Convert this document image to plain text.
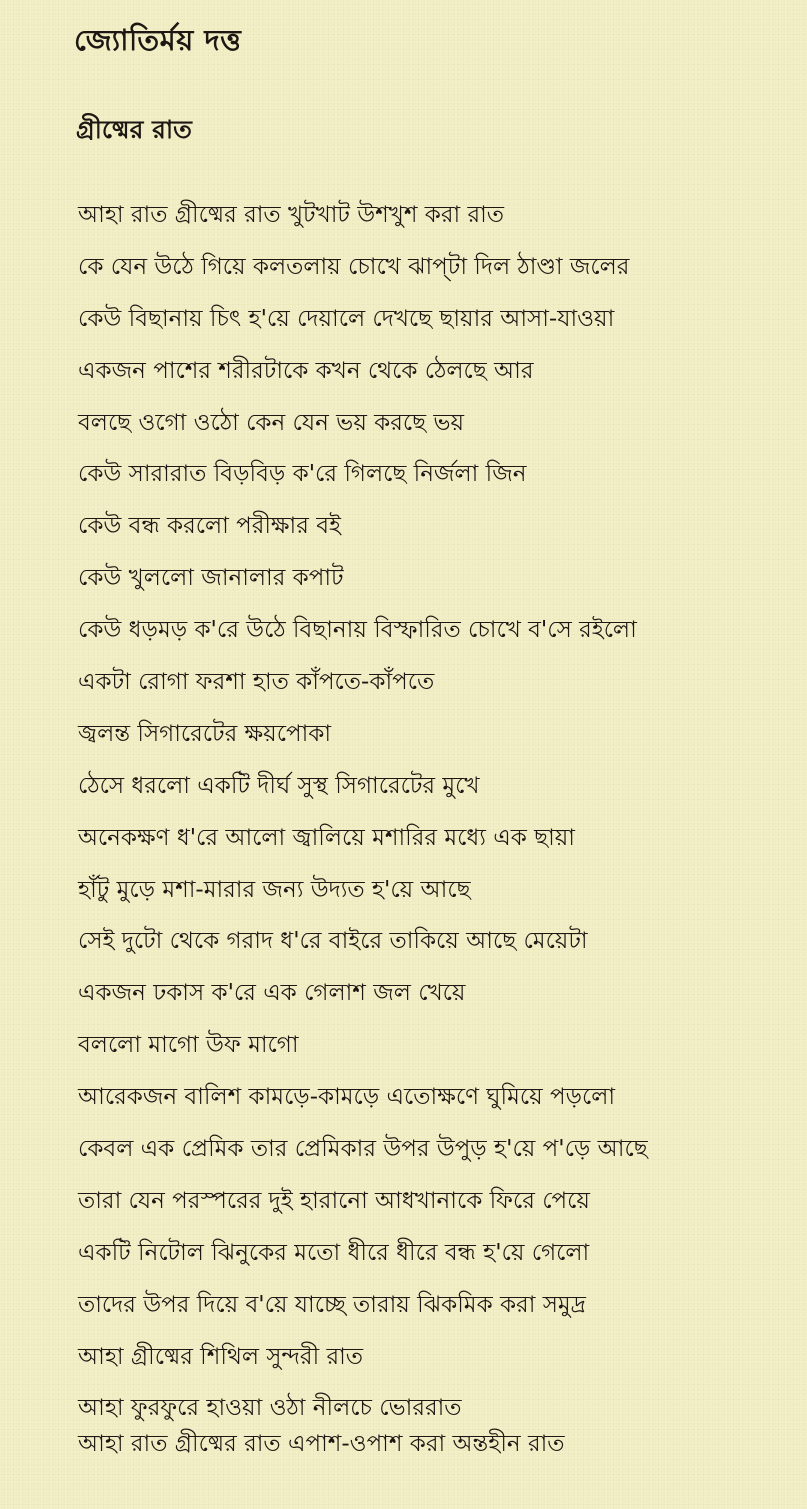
জ্যোতির্ময় দত্ত
গ্রীষ্মের রাত
আহা রাত গ্রীষ্মের রাত খুটখাট উশখুশ করা রাত
কে যেন উঠে গিয়ে কলতলায় চোখে ঝাপ্‌টা দিল ঠাণ্ডা জলের
কেউ বিছানায় চিৎ হ'য়ে দেয়ালে দেখছে ছায়ার আসা-যাওয়া
একজন পাশের শরীরটাকে কখন থেকে ঠেলছে আর
বলছে ওগো ওঠো কেন যেন ভয় করছে ভয়
কেউ সারারাত বিড়বিড় ক'রে গিলছে নির্জলা জিন
কেউ বন্ধ করলো পরীক্ষার বই
কেউ খুললো জানালার কপাট
কেউ ধড়মড় ক'রে উঠে বিছানায় বিস্ফারিত চোখে ব'সে রইলো
একটা রোগা ফরশা হাত কাঁপতে-কাঁপতে
জ্বলন্ত সিগারেটের ক্ষয়পোকা
ঠেসে ধরলো একটি দীর্ঘ সুস্থ সিগারেটের মুখে
অনেকক্ষণ ধ'রে আলো জ্বালিয়ে মশারির মধ্যে এক ছায়া
হাঁটু মুড়ে মশা-মারার জন্য উদ্যত হ'য়ে আছে
সেই দুটো থেকে গরাদ ধ'রে বাইরে তাকিয়ে আছে মেয়েটা
একজন ঢকাস ক'রে এক গেলাশ জল খেয়ে
বললো মাগো উফ মাগো
আরেকজন বালিশ কামড়ে-কামড়ে এতোক্ষণে ঘুমিয়ে পড়লো
কেবল এক প্রেমিক তার প্রেমিকার উপর উপুড় হ'য়ে প'ড়ে আছে
তারা যেন পরস্পরের দুই হারানো আধখানাকে ফিরে পেয়ে
একটি নিটোল ঝিনুকের মতো ধীরে ধীরে বন্ধ হ'য়ে গেলো
তাদের উপর দিয়ে ব'য়ে যাচ্ছে তারায় ঝিকমিক করা সমুদ্র
আহা গ্রীষ্মের শিথিল সুন্দরী রাত
আহা ফুরফুরে হাওয়া ওঠা নীলচে ভোররাত
আহা রাত গ্রীষ্মের রাত এপাশ-ওপাশ করা অন্তহীন রাত
